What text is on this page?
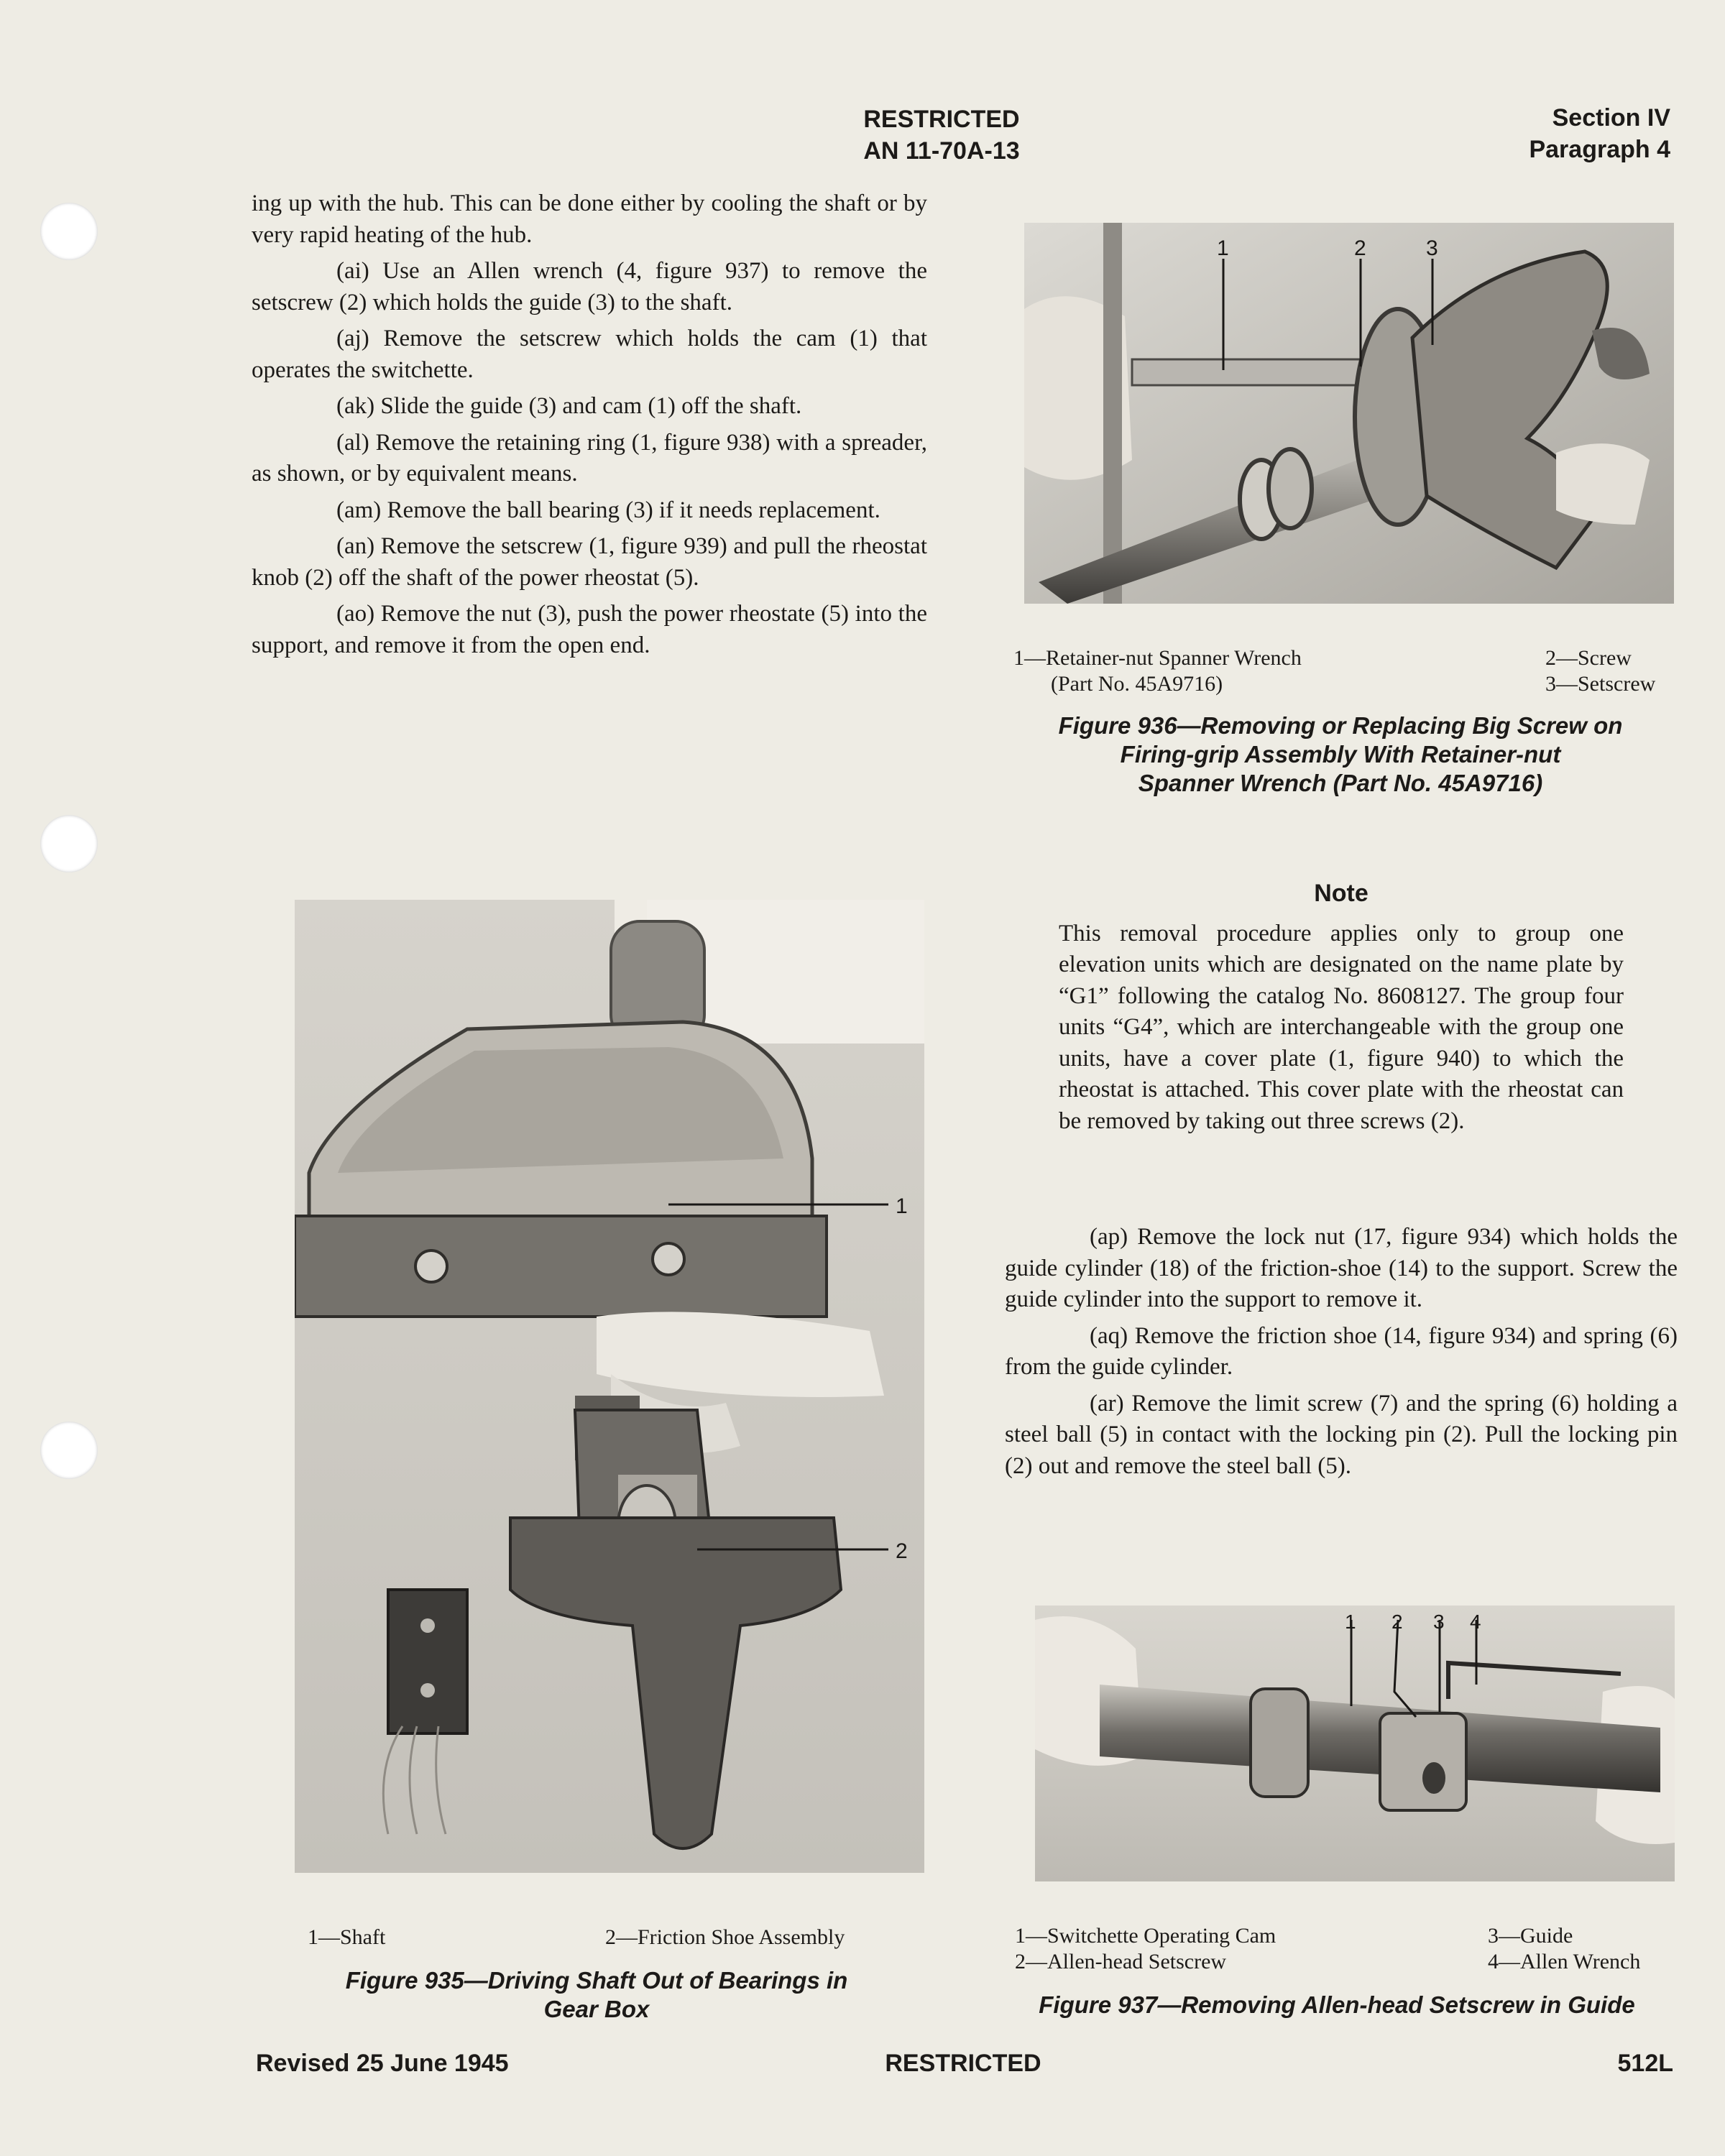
RESTRICTED
AN 11-70A-13
Section IV
Paragraph 4

ing up with the hub. This can be done either by cooling the shaft or by very rapid heating of the hub.

(ai) Use an Allen wrench (4, figure 937) to remove the setscrew (2) which holds the guide (3) to the shaft.

(aj) Remove the setscrew which holds the cam (1) that operates the switchette.

(ak) Slide the guide (3) and cam (1) off the shaft.

(al) Remove the retaining ring (1, figure 938) with a spreader, as shown, or by equivalent means.

(am) Remove the ball bearing (3) if it needs replacement.

(an) Remove the setscrew (1, figure 939) and pull the rheostat knob (2) off the shaft of the power rheostat (5).

(ao) Remove the nut (3), push the power rheostate (5) into the support, and remove it from the open end.

1	2	3
1—Retainer-nut Spanner Wrench
(Part No. 45A9716)
2—Screw
3—Setscrew
Figure 936—Removing or Replacing Big Screw on
Firing-grip Assembly With Retainer-nut
Spanner Wrench (Part No. 45A9716)
Note

This removal procedure applies only to group one elevation units which are designated on the name plate by “G1” following the catalog No. 8608127. The group four units “G4”, which are interchangeable with the group one units, have a cover plate (1, figure 940) to which the rheostat is attached. This cover plate with the rheostat can be removed by taking out three screws (2).

(ap) Remove the lock nut (17, figure 934) which holds the guide cylinder (18) of the friction-shoe (14) to the support. Screw the guide cylinder into the support to remove it.

(aq) Remove the friction shoe (14, figure 934) and spring (6) from the guide cylinder.

(ar) Remove the limit screw (7) and the spring (6) holding a steel ball (5) in contact with the locking pin (2). Pull the locking pin (2) out and remove the steel ball (5).

1
2
1—Shaft	2—Friction Shoe Assembly
Figure 935—Driving Shaft Out of Bearings in
Gear Box
1 2 3 4
1—Switchette Operating Cam
2—Allen-head Setscrew
3—Guide
4—Allen Wrench
Figure 937—Removing Allen-head Setscrew in Guide
Revised 25 June 1945	RESTRICTED	512L
